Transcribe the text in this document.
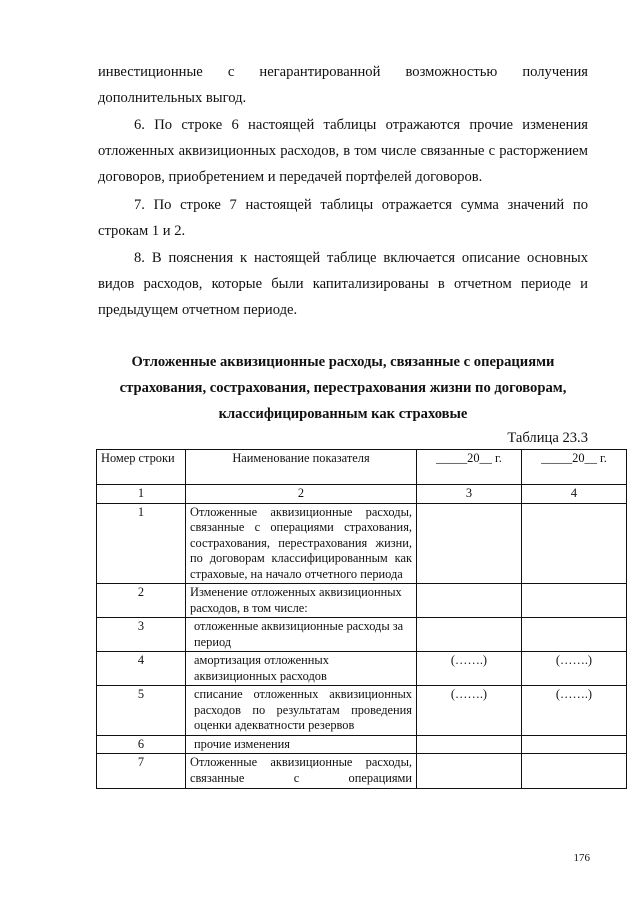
инвестиционные с негарантированной возможностью получения

дополнительных выгод.

6. По строке 6 настоящей таблицы отражаются прочие изменения отложенных аквизиционных расходов, в том числе связанные с расторжением договоров, приобретением и передачей портфелей договоров.

7. По строке 7 настоящей таблицы отражается сумма значений по строкам 1 и 2.

8. В пояснения к настоящей таблице включается описание основных видов расходов, которые были капитализированы в отчетном периоде и предыдущем отчетном периоде.

Отложенные аквизиционные расходы, связанные с операциями
страхования, сострахования, перестрахования жизни по договорам,
классифицированным как страховые

Таблица 23.3

Номер строки	Наименование показателя	_____20__ г.	_____20__ г.
1	2	3	4
1	Отложенные аквизиционные расходы, связанные с операциями страхования, сострахования, перестрахования жизни, по договорам классифицированным как страховые, на начало отчетного периода		
2	Изменение отложенных аквизиционных расходов, в том числе:		
3	отложенные аквизиционные расходы за период		
4	амортизация отложенных аквизиционных расходов	(…….)	(…….)
5	списание отложенных аквизиционных расходов по результатам проведения оценки адекватности резервов	(…….)	(…….)
6	прочие изменения		
7	Отложенные аквизиционные расходы, связанные с операциями		

176
